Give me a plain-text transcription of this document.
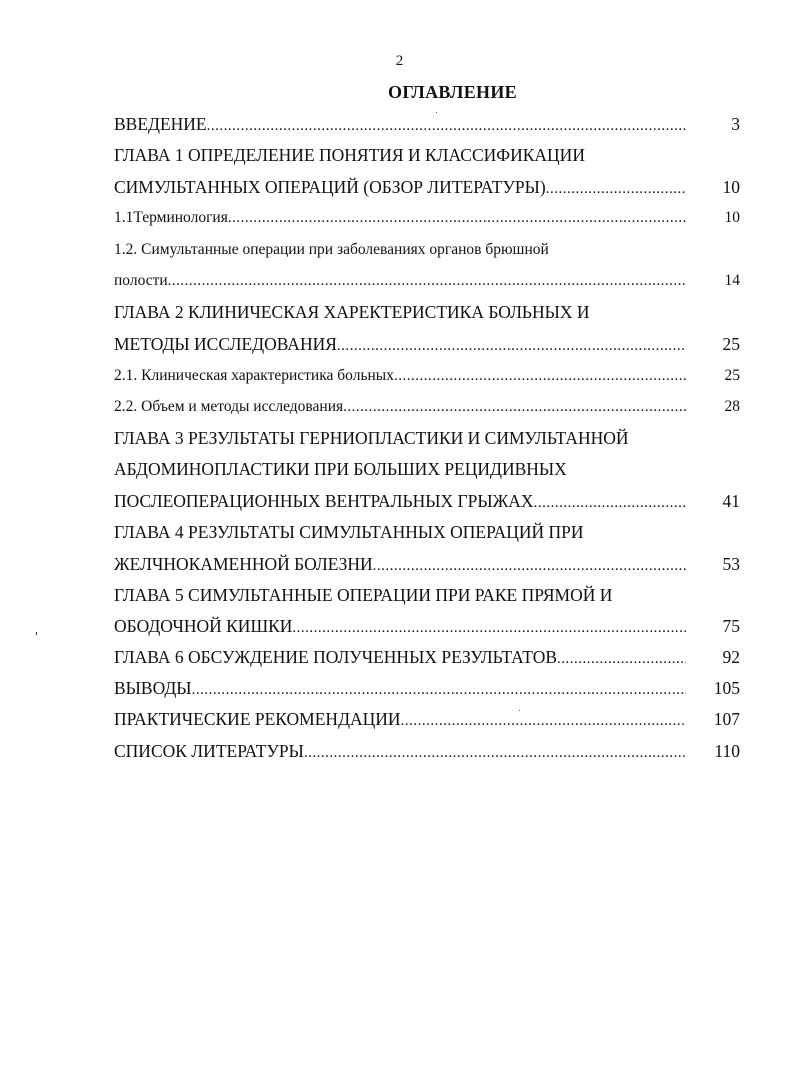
2
ОГЛАВЛЕНИЕ
ВВЕДЕНИЕ .....	3
ГЛАВА 1 ОПРЕДЕЛЕНИЕ ПОНЯТИЯ И КЛАССИФИКАЦИИ
СИМУЛЬТАННЫХ ОПЕРАЦИЙ (ОБЗОР ЛИТЕРАТУРЫ) .....	10
1.1Терминология .....	10
1.2. Симультанные операции при заболеваниях органов брюшной
полости .....	14
ГЛАВА 2 КЛИНИЧЕСКАЯ ХАРЕКТЕРИСТИКА БОЛЬНЫХ И
МЕТОДЫ ИССЛЕДОВАНИЯ .....	25
2.1. Клиническая характеристика больных .....	25
2.2. Объем и методы исследования .....	28
ГЛАВА 3 РЕЗУЛЬТАТЫ ГЕРНИОПЛАСТИКИ И СИМУЛЬТАННОЙ
АБДОМИНОПЛАСТИКИ ПРИ БОЛЬШИХ РЕЦИДИВНЫХ
ПОСЛЕОПЕРАЦИОННЫХ ВЕНТРАЛЬНЫХ ГРЫЖАХ .....	41
ГЛАВА 4 РЕЗУЛЬТАТЫ СИМУЛЬТАННЫХ ОПЕРАЦИЙ ПРИ
ЖЕЛЧНОКАМЕННОЙ БОЛЕЗНИ .....	53
ГЛАВА 5 СИМУЛЬТАННЫЕ ОПЕРАЦИИ ПРИ РАКЕ ПРЯМОЙ И
ОБОДОЧНОЙ КИШКИ .....	75
ГЛАВА 6 ОБСУЖДЕНИЕ ПОЛУЧЕННЫХ РЕЗУЛЬТАТОВ .....	92
ВЫВОДЫ .....	105
ПРАКТИЧЕСКИЕ РЕКОМЕНДАЦИИ .....	107
СПИСОК ЛИТЕРАТУРЫ .....	110
